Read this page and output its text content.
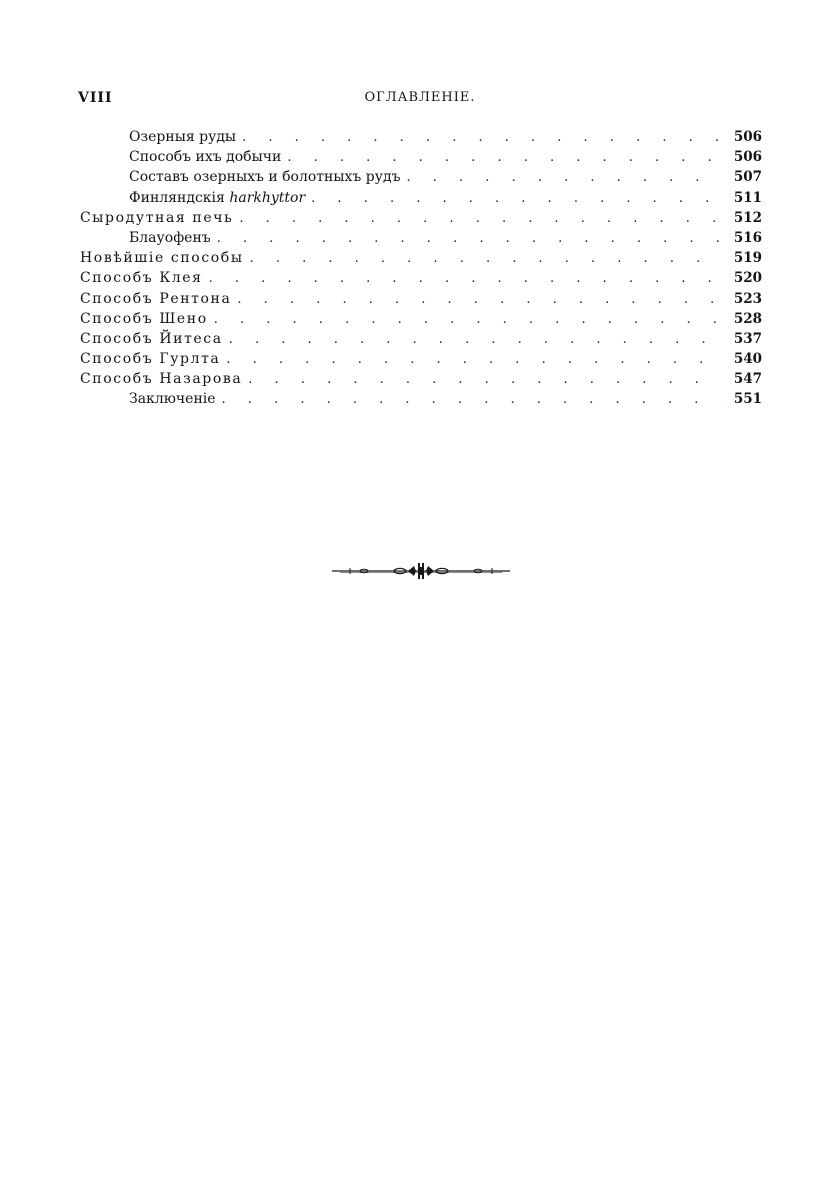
VIII	ОГЛАВЛЕНІЕ.
Озерныя руды . . .	506
Способъ ихъ добычи . . .	506
Составъ озерныхъ и болотныхъ рудъ . . .	507
Финляндскія harkhyttor . . .	511
Сыродутная печь . . .	512
Блауофенъ . . .	516
Новѣйшіе способы . . .	519
Способъ Клея . . .	520
Способъ Рентона . . .	523
Способъ Шено . . .	528
Способъ Йитеса . . .	537
Способъ Гурлта . . .	540
Способъ Назарова . . .	547
Заключеніе . . .	551
